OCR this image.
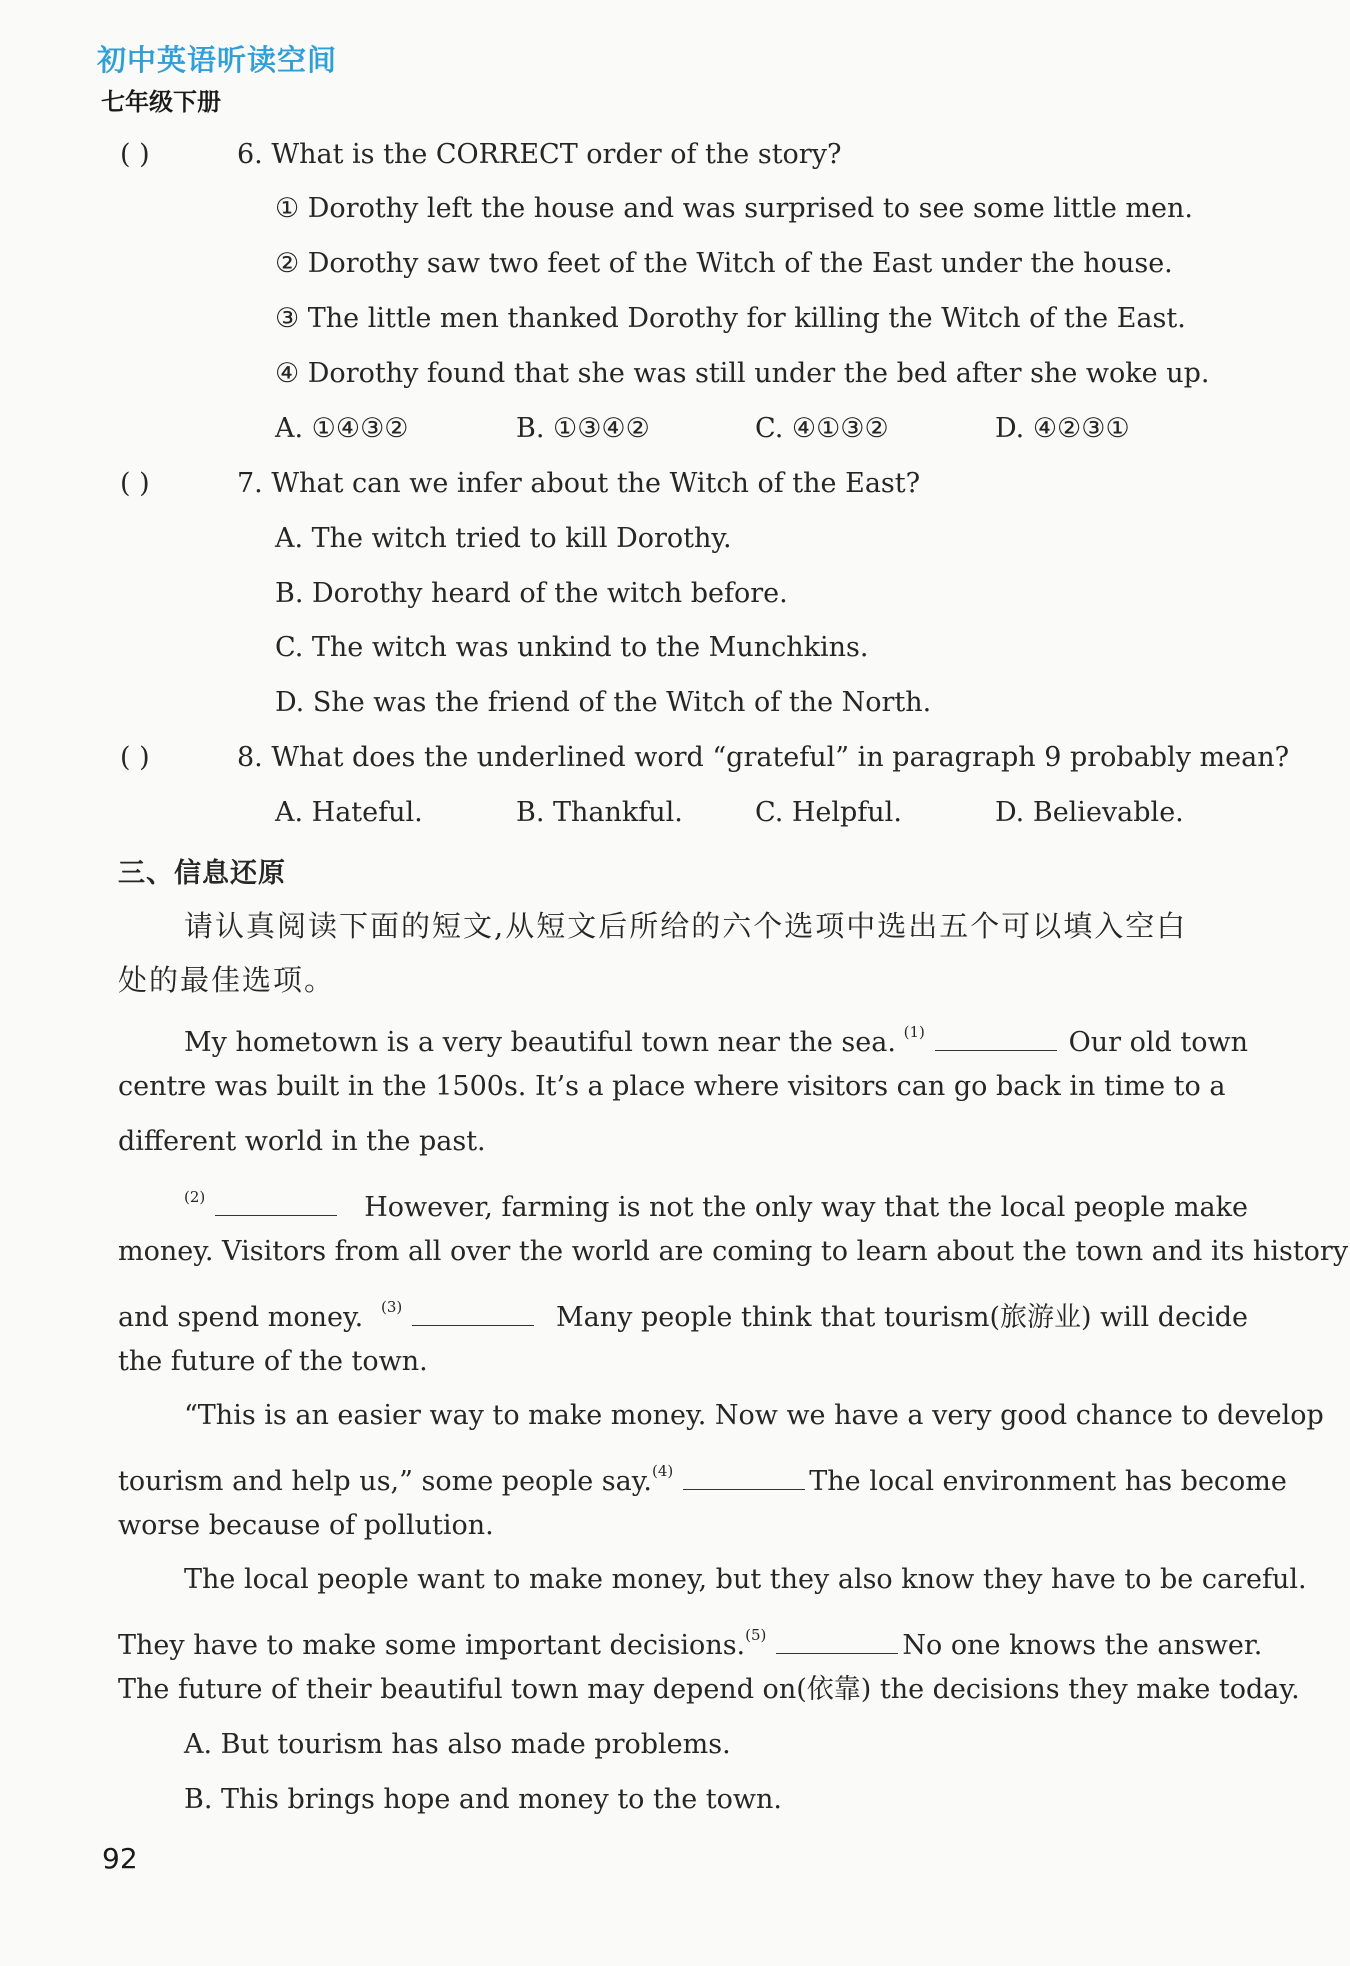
初中英语听读空间
七年级下册
( )	6. What is the CORRECT order of the story?
① Dorothy left the house and was surprised to see some little men.
② Dorothy saw two feet of the Witch of the East under the house.
③ The little men thanked Dorothy for killing the Witch of the East.
④ Dorothy found that she was still under the bed after she woke up.
A. ①④③②	B. ①③④②	C. ④①③②	D. ④②③①
( )	7. What can we infer about the Witch of the East?
A. The witch tried to kill Dorothy.
B. Dorothy heard of the witch before.
C. The witch was unkind to the Munchkins.
D. She was the friend of the Witch of the North.
( )	8. What does the underlined word “grateful” in paragraph 9 probably mean?
A. Hateful.	B. Thankful.	C. Helpful.	D. Believable.
三、信息还原
请认真阅读下面的短文,从短文后所给的六个选项中选出五个可以填入空白
处的最佳选项。
My hometown is a very beautiful town near the sea. $^{(1)}$	Our old town
centre was built in the 1500s. It’s a place where visitors can go back in time to a
different world in the past.
$^{(2)}$	However, farming is not the only way that the local people make
money. Visitors from all over the world are coming to learn about the town and its history
and spend money. $^{(3)}$	Many people think that tourism(旅游业) will decide
the future of the town.
“This is an easier way to make money. Now we have a very good chance to develop
tourism and help us,” some people say. $^{(4)}$	The local environment has become
worse because of pollution.
The local people want to make money, but they also know they have to be careful.
They have to make some important decisions. $^{(5)}$	No one knows the answer.
The future of their beautiful town may depend on(依靠) the decisions they make today.
A. But tourism has also made problems.
B. This brings hope and money to the town.
92
